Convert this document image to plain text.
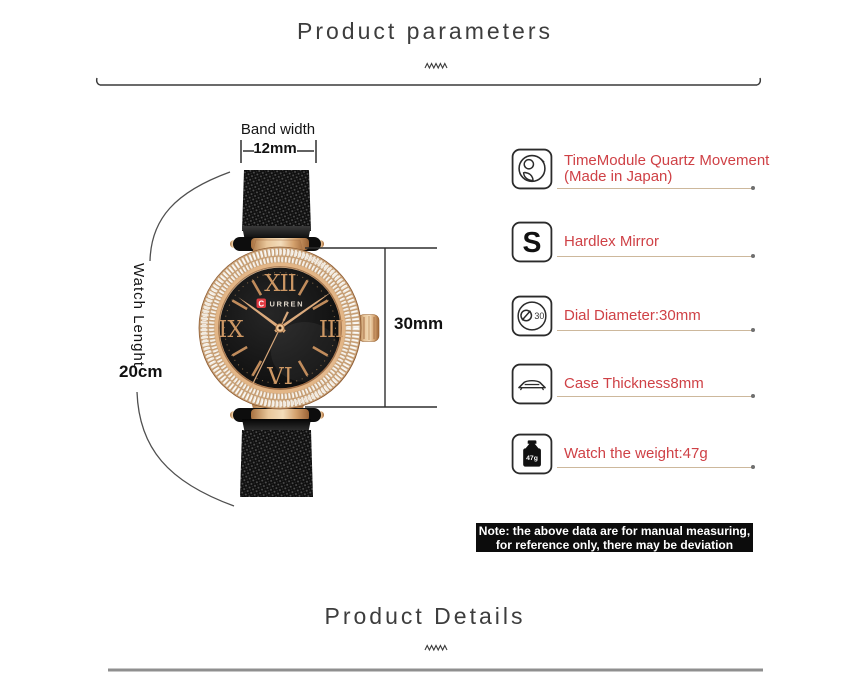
XII
III
VI
IX
C URREN
Product parameters
Product Details
Band width
12mm
Watch Lenght
20cm
30mm
TimeModule Quartz Movement
(Made in Japan)
S Hardlex Mirror
30 Dial Diameter:30mm
Case Thickness8mm
47g Watch the weight:47g
Note: the above data are for manual measuring,
for reference only, there may be deviation
